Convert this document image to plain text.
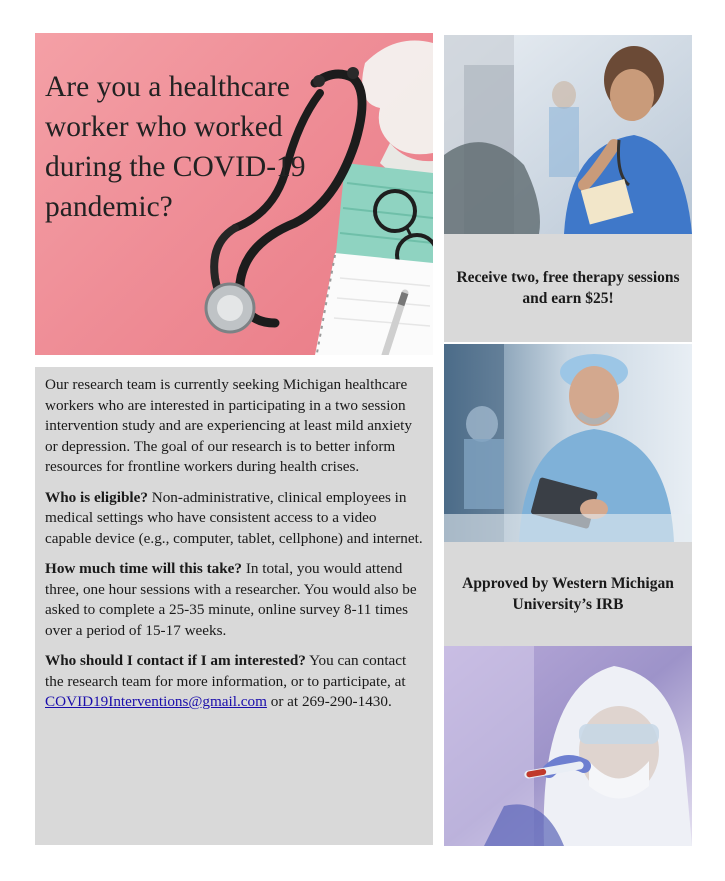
Are you a healthcare worker who worked during the COVID-19 pandemic?

Our research team is currently seeking Michigan healthcare workers who are interested in participating in a two session intervention study and are experiencing at least mild anxiety or depression. The goal of our research is to better inform resources for frontline workers during health crises.

Who is eligible? Non-administrative, clinical employees in medical settings who have consistent access to a video capable device (e.g., computer, tablet, cellphone) and internet.

How much time will this take? In total, you would attend three, one hour sessions with a researcher. You would also be asked to complete a 25-35 minute, online survey 8-11 times over a period of 15-17 weeks.

Who should I contact if I am interested? You can contact the research team for more information, or to participate, at COVID19Interventions@gmail.com or at 269-290-1430.

Receive two, free therapy sessions and earn $25!
Approved by Western Michigan University’s IRB
